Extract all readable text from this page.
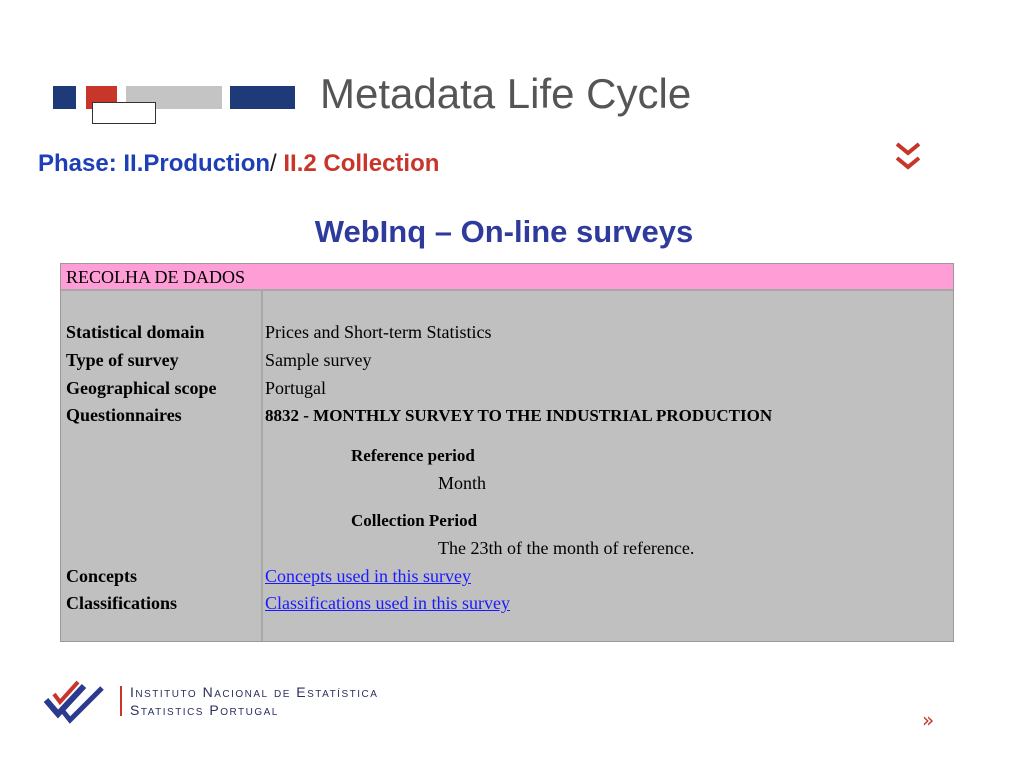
Metadata Life Cycle
Phase: II.Production/ II.2 Collection
WebInq – On-line surveys
RECOLHA DE DADOS
Statistical domain	Prices and Short-term Statistics
Type of survey	Sample survey
Geographical scope	Portugal
Questionnaires	8832 - MONTHLY SURVEY TO THE INDUSTRIAL PRODUCTION
Reference period
Month
Collection Period
The 23th of the month of reference.
Concepts	Concepts used in this survey
Classifications	Classifications used in this survey
Instituto Nacional de Estatística
Statistics Portugal	»
